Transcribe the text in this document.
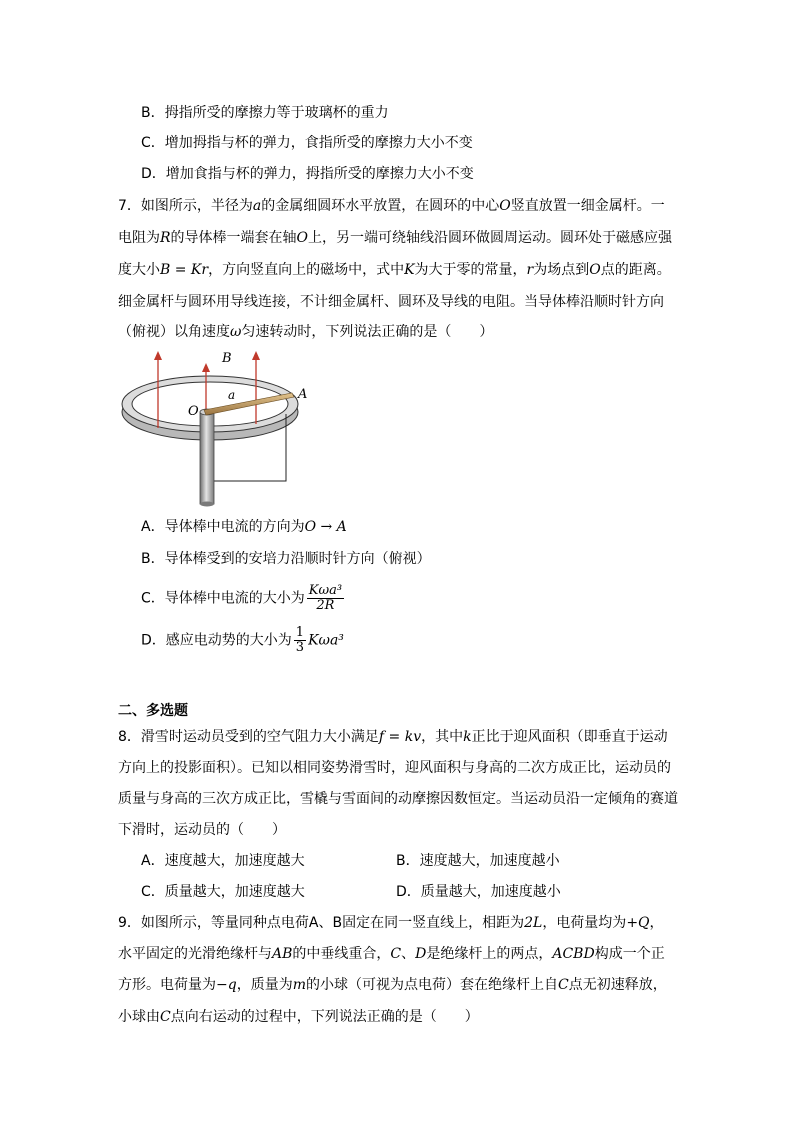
B．拇指所受的摩擦力等于玻璃杯的重力
C．增加拇指与杯的弹力，食指所受的摩擦力大小不变
D．增加食指与杯的弹力，拇指所受的摩擦力大小不变
7．如图所示，半径为a的金属细圆环水平放置，在圆环的中心O竖直放置一细金属杆。一
电阻为R的导体棒一端套在轴O上，另一端可绕轴线沿圆环做圆周运动。圆环处于磁感应强
度大小B = Kr，方向竖直向上的磁场中，式中K为大于零的常量，r为场点到O点的距离。
细金属杆与圆环用导线连接，不计细金属杆、圆环及导线的电阻。当导体棒沿顺时针方向
（俯视）以角速度ω匀速转动时，下列说法正确的是（　　）
B
O
a	A
A．导体棒中电流的方向为O → A
B．导体棒受到的安培力沿顺时针方向（俯视）
C．导体棒中电流的大小为 $\frac{\text{Kωa³}}{2R}$
D．感应电动势的大小为 $\frac{1}{3} K\omega a^3$
二、多选题
8．滑雪时运动员受到的空气阻力大小满足f = kv，其中k正比于迎风面积（即垂直于运动
方向上的投影面积）。已知以相同姿势滑雪时，迎风面积与身高的二次方成正比，运动员的
质量与身高的三次方成正比，雪橇与雪面间的动摩擦因数恒定。当运动员沿一定倾角的赛道
下滑时，运动员的（　　）
A．速度越大，加速度越大	B．速度越大，加速度越小
C．质量越大，加速度越大	D．质量越大，加速度越小
9．如图所示，等量同种点电荷A、B固定在同一竖直线上，相距为2L，电荷量均为+Q，
水平固定的光滑绝缘杆与AB的中垂线重合，C、D是绝缘杆上的两点，ACBD构成一个正
方形。电荷量为−q，质量为m的小球（可视为点电荷）套在绝缘杆上自C点无初速释放，
小球由C点向右运动的过程中，下列说法正确的是（　　）
